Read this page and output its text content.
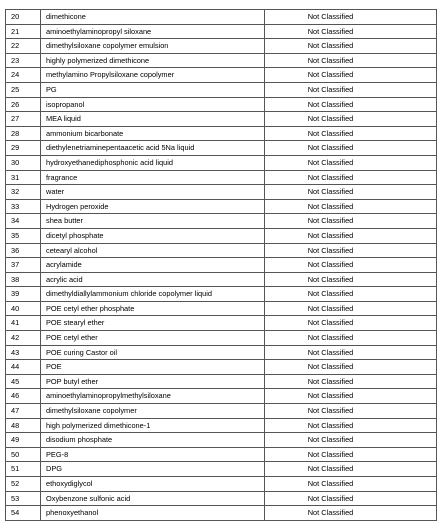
20	dimethicone	Not Classified
21	aminoethylaminopropyl siloxane	Not Classified
22	dimethylsiloxane copolymer emulsion	Not Classified
23	highly polymerized dimethicone	Not Classified
24	methylamino Propylsiloxane copolymer	Not Classified
25	PG	Not Classified
26	isopropanol	Not Classified
27	MEA liquid	Not Classified
28	ammonium bicarbonate	Not Classified
29	diethylenetriaminepentaacetic acid 5Na liquid	Not Classified
30	hydroxyethanediphosphonic acid liquid	Not Classified
31	fragrance	Not Classified
32	water	Not Classified
33	Hydrogen peroxide	Not Classified
34	shea butter	Not Classified
35	dicetyl phosphate	Not Classified
36	cetearyl alcohol	Not Classified
37	acrylamide	Not Classified
38	acrylic acid	Not Classified
39	dimethyldiallylammonium chloride copolymer liquid	Not Classified
40	POE cetyl ether phosphate	Not Classified
41	POE stearyl ether	Not Classified
42	POE cetyl ether	Not Classified
43	POE curing Castor oil	Not Classified
44	POE	Not Classified
45	POP butyl ether	Not Classified
46	aminoethylaminopropylmethylsiloxane	Not Classified
47	dimethylsiloxane copolymer	Not Classified
48	high polymerized dimethicone-1	Not Classified
49	disodium phosphate	Not Classified
50	PEG-8	Not Classified
51	DPG	Not Classified
52	ethoxydiglycol	Not Classified
53	Oxybenzone sulfonic acid	Not Classified
54	phenoxyethanol	Not Classified
